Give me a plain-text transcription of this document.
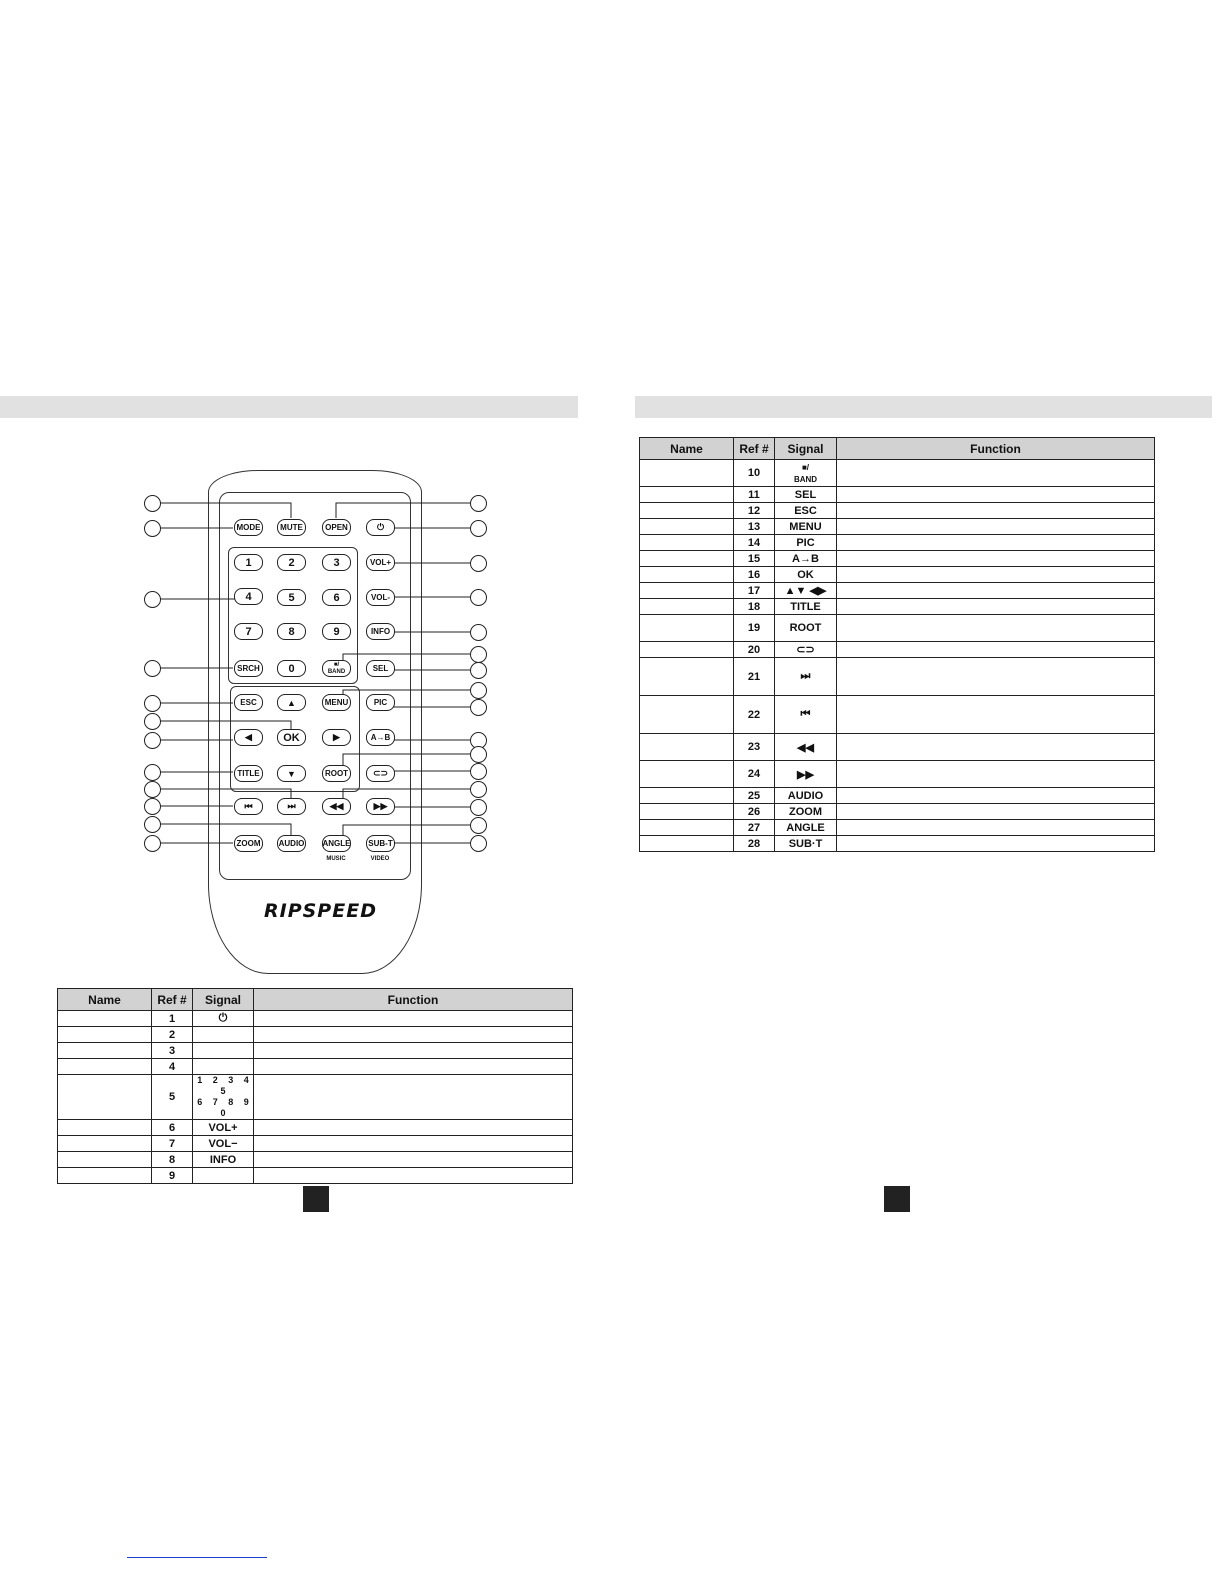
MODE	MUTE	OPEN	⏻
1	2	3	VOL+
4	5	6	VOL-
7	8	9	INFO
SRCH	0	■/
BAND	SEL
ESC	▲	MENU	PIC
◀	OK	▶	A→B
TITLE	▼	ROOT	⊂⊃
⏮	⏭	◀◀	▶▶
ZOOM	AUDIO ANGLE SUB-T
MUSIC	VIDEO
RIPSPEED
Name	Ref #	Signal	Function
	1	⏻	
	2		
	3		
	4		
	5	1 2 3 4 5
6 7 8 9 0	
	6	VOL+	
	7	VOL−	
	8	INFO	
	9		
Name	Ref #	Signal	Function
	10	■/
BAND	
	11	SEL	
	12	ESC	
	13	MENU	
	14	PIC	
	15	A→B	
	16	OK	
	17	▲▼ ◀▶	
	18	TITLE	
	19	ROOT	
	20	⊂⊃	
	21	⏭	
	22	⏮	
	23	◀◀	
	24	▶▶	
	25	AUDIO	
	26	ZOOM	
	27	ANGLE	
	28	SUB·T	
